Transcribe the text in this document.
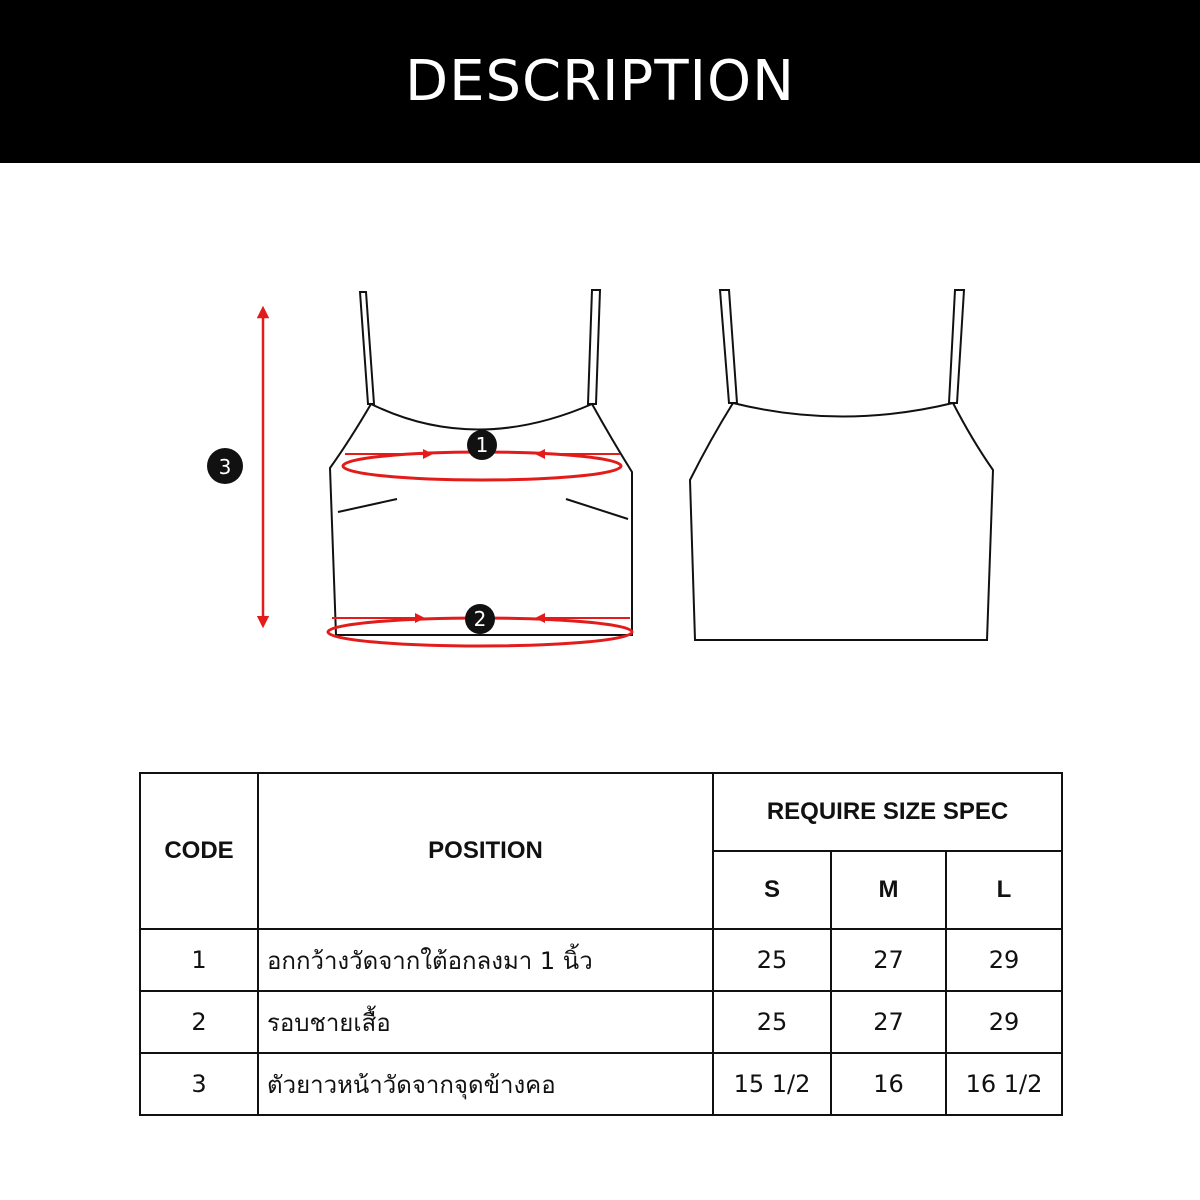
DESCRIPTION
1
2
3
CODE	POSITION	REQUIRE SIZE SPEC		
		S	M	L
1	อกกว้างวัดจากใต้อกลงมา 1 นิ้ว	25	27	29
2	รอบชายเสื้อ	25	27	29
3	ตัวยาวหน้าวัดจากจุดข้างคอ	15 1/2	16	16 1/2
